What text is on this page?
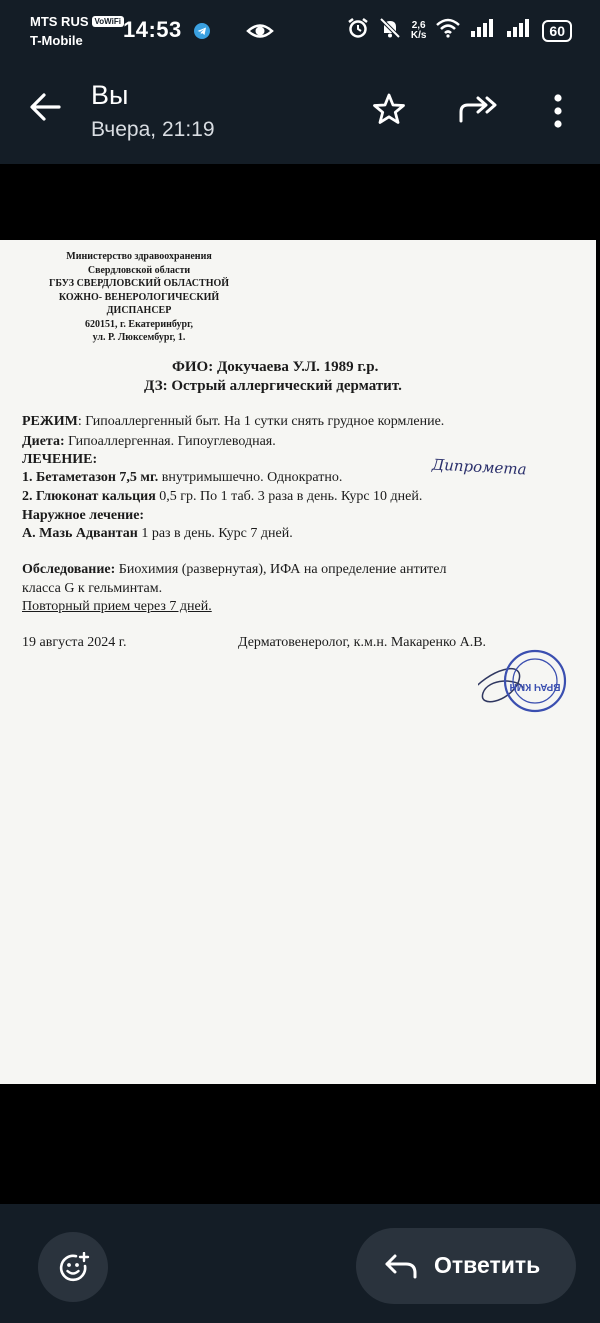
MTS RUS VoWiFi
T-Mobile 14:53	2,6
K/s	60
Вы
Вчера, 21:19
Министерство здравоохранения
Свердловской области
ГБУЗ СВЕРДЛОВСКИЙ ОБЛАСТНОЙ
КОЖНО- ВЕНЕРОЛОГИЧЕСКИЙ
ДИСПАНСЕР
620151, г. Екатеринбург,
ул. Р. Люксембург, 1.
ФИО: Докучаева У.Л. 1989 г.р.
ДЗ: Острый аллергический дерматит.
РЕЖИМ: Гипоаллергенный быт. На 1 сутки снять грудное кормление.
Диета: Гипоаллергенная. Гипоуглеводная.
ЛЕЧЕНИЕ:
1. Бетаметазон 7,5 мг. внутримышечно. Однократно.	Дипромета
2. Глюконат кальция 0,5 гр. По 1 таб. 3 раза в день. Курс 10 дней.
Наружное лечение:
А. Мазь Адвантан 1 раз в день. Курс 7 дней.
Обследование: Биохимия (развернутая), ИФА на определение антител
класса G к гельминтам.
Повторный прием через 7 дней.
19 августа 2024 г.	Дерматовенеролог, к.м.н. Макаренко А.В.
ВРАЧ КМН
Ответить
